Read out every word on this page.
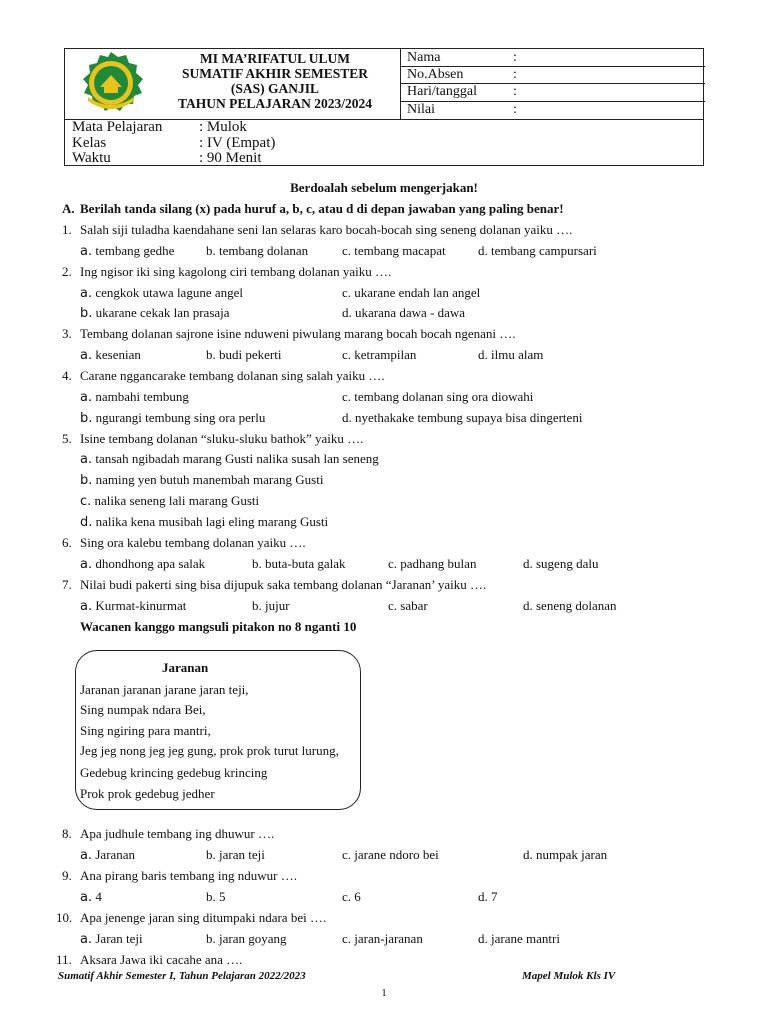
MI MA’RIFATUL ULUM
SUMATIF AKHIR SEMESTER
(SAS) GANJIL
TAHUN PELAJARAN 2023/2024
Nama	:
No.Absen	:
Hari/tanggal	:
Nilai	:
Mata Pelajaran : Mulok
Kelas	: IV (Empat)
Waktu	: 90 Menit
Berdoalah sebelum mengerjakan!
A. Berilah tanda silang (x) pada huruf a, b, c, atau d di depan jawaban yang paling benar!
1. Salah siji tuladha kaendahane seni lan selaras karo bocah-bocah sing seneng dolanan yaiku ….
a. tembang gedhe b. tembang dolanan	c. tembang macapat d. tembang campursari
2. Ing ngisor iki sing kagolong ciri tembang dolanan yaiku ….
a. cengkok utawa lagune angel	c. ukarane endah lan angel
b. ukarane cekak lan prasaja	d. ukarana dawa - dawa
3. Tembang dolanan sajrone isine nduweni piwulang marang bocah bocah ngenani ….
a. kesenian	b. budi pekerti	c. ketrampilan	d. ilmu alam
4. Carane nggancarake tembang dolanan sing salah yaiku ….
a. nambahi tembung	c. tembang dolanan sing ora diowahi
b. ngurangi tembung sing ora perlu	d. nyethakake tembung supaya bisa dingerteni
5. Isine tembang dolanan “sluku-sluku bathok” yaiku ….
a. tansah ngibadah marang Gusti nalika susah lan seneng
b. naming yen butuh manembah marang Gusti
c. nalika seneng lali marang Gusti
d. nalika kena musibah lagi eling marang Gusti
6. Sing ora kalebu tembang dolanan yaiku ….
a. dhondhong apa salak	b. buta-buta galak	c. padhang bulan	d. sugeng dalu
7. Nilai budi pakerti sing bisa dijupuk saka tembang dolanan “Jaranan’ yaiku ….
a. Kurmat-kinurmat	b. jujur	c. sabar	d. seneng dolanan
Wacanen kanggo mangsuli pitakon no 8 nganti 10
Jaranan
Jaranan jaranan jarane jaran teji,
Sing numpak ndara Bei,
Sing ngiring para mantri,
Jeg jeg nong jeg jeg gung, prok prok turut lurung,
Gedebug krincing gedebug krincing
Prok prok gedebug jedher
8. Apa judhule tembang ing dhuwur ….
a. Jaranan	b. jaran teji	c. jarane ndoro bei	d. numpak jaran
9. Ana pirang baris tembang ing nduwur ….
a. 4	b. 5	c. 6	d. 7
10. Apa jenenge jaran sing ditumpaki ndara bei ….
a. Jaran teji	b. jaran goyang	c. jaran-jaranan	d. jarane mantri
11. Aksara Jawa iki cacahe ana ….
Sumatif Akhir Semester I, Tahun Pelajaran 2022/2023	Mapel Mulok Kls IV
1
